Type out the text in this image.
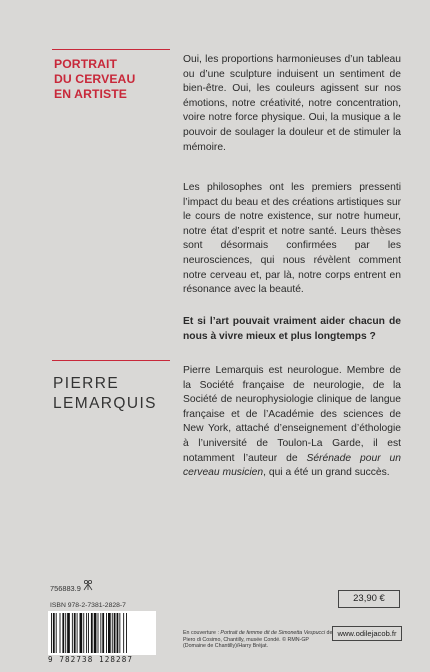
PORTRAIT
DU CERVEAU
EN ARTISTE
Oui, les proportions harmonieuses d’un tableau ou d’une sculpture induisent un sentiment de bien-être. Oui, les couleurs agissent sur nos émotions, notre créativité, notre concentration, voire notre force physique. Oui, la musique a le pouvoir de soulager la douleur et de stimuler la mémoire.
Les philosophes ont les premiers pressenti l’impact du beau et des créations artistiques sur le cours de notre existence, sur notre humeur, notre état d’esprit et notre santé. Leurs thèses sont désormais confirmées par les neurosciences, qui nous révèlent comment notre cerveau et, par là, notre corps entrent en résonance avec la beauté.
Et si l’art pouvait vraiment aider chacun de nous à vivre mieux et plus longtemps ?
PIERRE
LEMARQUIS
Pierre Lemarquis est neurologue. Membre de la Société française de neurologie, de la Société de neurophysiologie clinique de langue française et de l’Académie des sciences de New York, attaché d’enseignement d’éthologie à l’université de Toulon-La Garde, il est notamment l’auteur de Sérénade pour un cerveau musicien, qui a été un grand succès.
756883.9
ISBN 978-2-7381-2828-7
9 782738 128287
23,90 €
En couverture : Portrait de femme dit de Simonetta Vespucci de Piero di Cosimo, Chantilly, musée Condé. © RMN-GP (Domaine de Chantilly)/Harry Bréjat.
www.odilejacob.fr
